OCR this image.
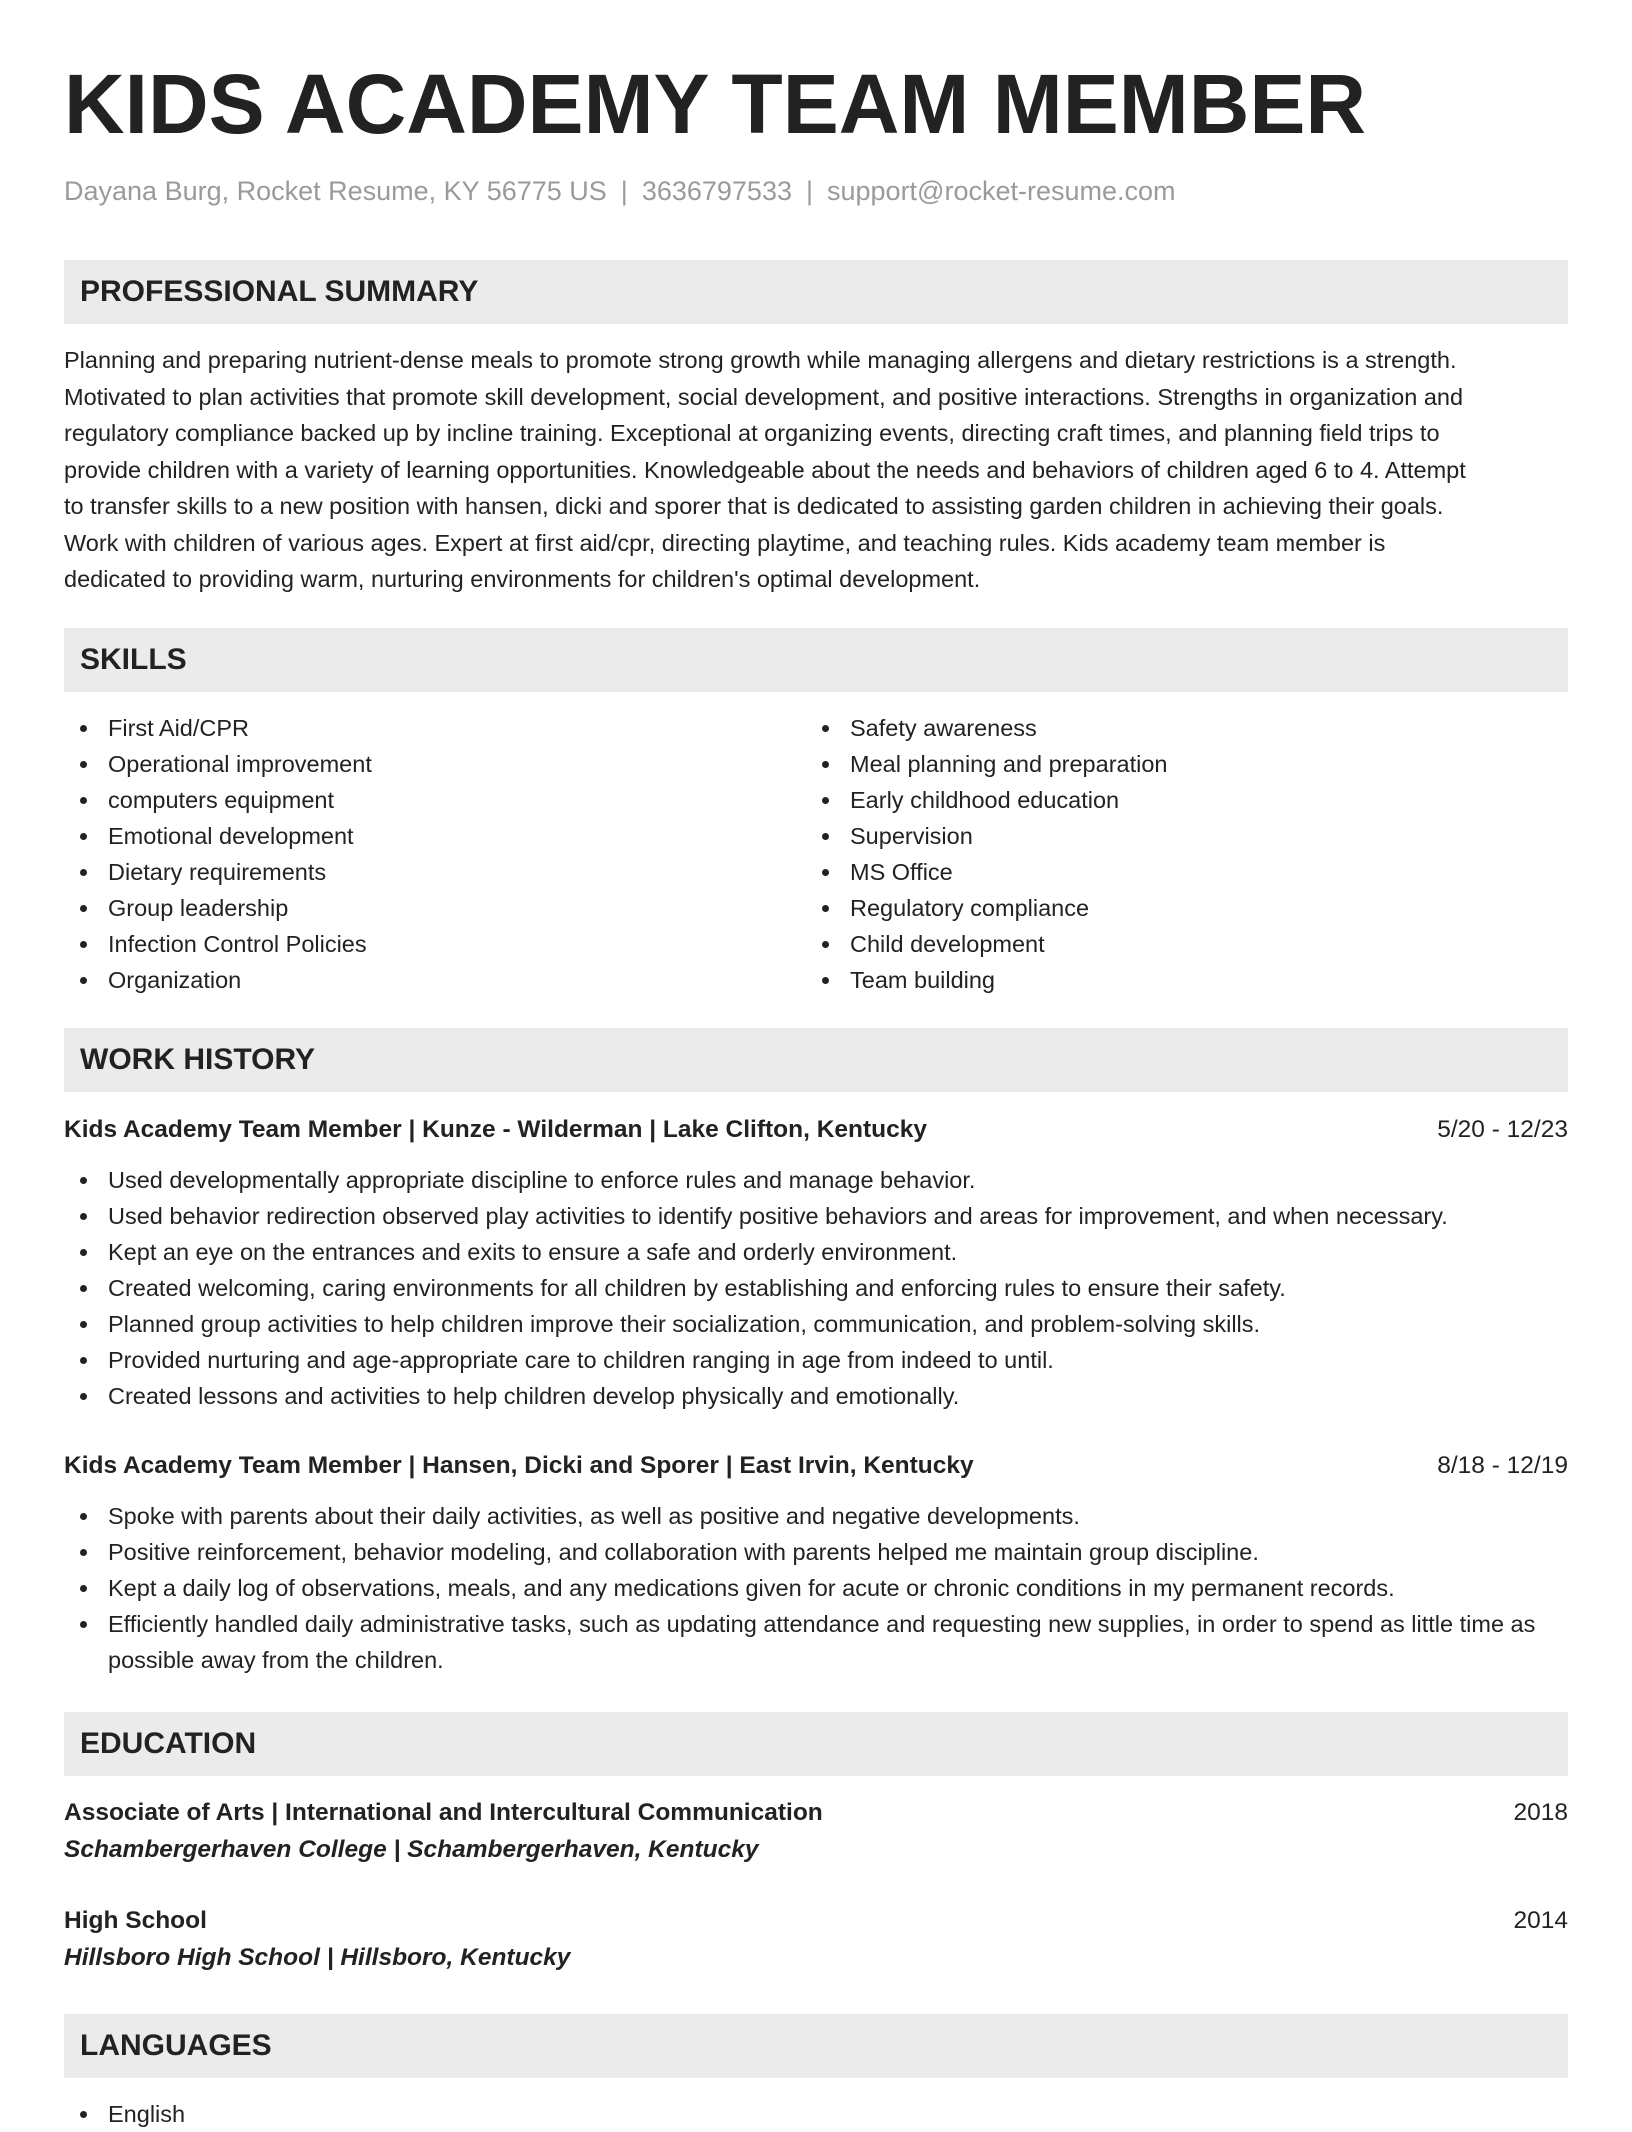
KIDS ACADEMY TEAM MEMBER
Dayana Burg, Rocket Resume, KY 56775 US | 3636797533 | support@rocket-resume.com
PROFESSIONAL SUMMARY
Planning and preparing nutrient-dense meals to promote strong growth while managing allergens and dietary restrictions is a strength.
Motivated to plan activities that promote skill development, social development, and positive interactions. Strengths in organization and
regulatory compliance backed up by incline training. Exceptional at organizing events, directing craft times, and planning field trips to
provide children with a variety of learning opportunities. Knowledgeable about the needs and behaviors of children aged 6 to 4. Attempt
to transfer skills to a new position with hansen, dicki and sporer that is dedicated to assisting garden children in achieving their goals.
Work with children of various ages. Expert at first aid/cpr, directing playtime, and teaching rules. Kids academy team member is
dedicated to providing warm, nurturing environments for children's optimal development.
SKILLS
First Aid/CPR
Operational improvement
computers equipment
Emotional development
Dietary requirements
Group leadership
Infection Control Policies
Organization
Safety awareness
Meal planning and preparation
Early childhood education
Supervision
MS Office
Regulatory compliance
Child development
Team building
WORK HISTORY
Kids Academy Team Member | Kunze - Wilderman | Lake Clifton, Kentucky	5/20 - 12/23
Used developmentally appropriate discipline to enforce rules and manage behavior.
Used behavior redirection observed play activities to identify positive behaviors and areas for improvement, and when necessary.
Kept an eye on the entrances and exits to ensure a safe and orderly environment.
Created welcoming, caring environments for all children by establishing and enforcing rules to ensure their safety.
Planned group activities to help children improve their socialization, communication, and problem-solving skills.
Provided nurturing and age-appropriate care to children ranging in age from indeed to until.
Created lessons and activities to help children develop physically and emotionally.
Kids Academy Team Member | Hansen, Dicki and Sporer | East Irvin, Kentucky	8/18 - 12/19
Spoke with parents about their daily activities, as well as positive and negative developments.
Positive reinforcement, behavior modeling, and collaboration with parents helped me maintain group discipline.
Kept a daily log of observations, meals, and any medications given for acute or chronic conditions in my permanent records.
Efficiently handled daily administrative tasks, such as updating attendance and requesting new supplies, in order to spend as little time as possible away from the children.
EDUCATION
Associate of Arts | International and Intercultural Communication	2018
Schambergerhaven College | Schambergerhaven, Kentucky
High School	2014
Hillsboro High School | Hillsboro, Kentucky
LANGUAGES
English
